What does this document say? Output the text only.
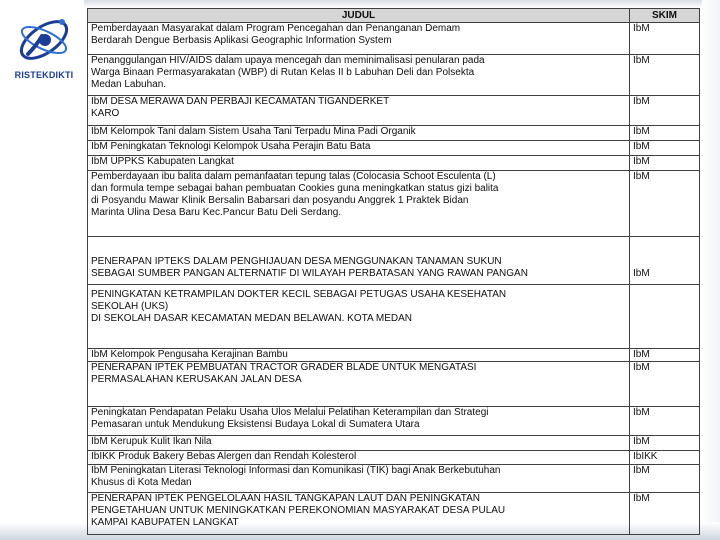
RISTEKDIKTI
JUDUL	SKIM
Pemberdayaan Masyarakat dalam Program Pencegahan dan Penanganan Demam
Berdarah Dengue Berbasis Aplikasi Geographic Information System	IbM
Penanggulangan HIV/AIDS dalam upaya mencegah dan meminimalisasi penularan pada
Warga Binaan Permasyarakatan (WBP) di Rutan Kelas II b Labuhan Deli dan Polsekta
Medan Labuhan.	IbM
IbM DESA MERAWA DAN PERBAJI KECAMATAN TIGANDERKET
KARO	IbM
IbM Kelompok Tani dalam Sistem Usaha Tani Terpadu Mina Padi Organik	IbM
IbM Peningkatan Teknologi Kelompok Usaha Perajin Batu Bata	IbM
IbM UPPKS Kabupaten Langkat	IbM
Pemberdayaan ibu balita dalam pemanfaatan tepung talas (Colocasia Schoot Esculenta (L)
dan formula tempe sebagai bahan pembuatan Cookies guna meningkatkan status gizi balita
di Posyandu Mawar Klinik Bersalin Babarsari dan posyandu Anggrek 1 Praktek Bidan
Marinta Ulina Desa Baru Kec.Pancur Batu Deli Serdang.	IbM
PENERAPAN IPTEKS DALAM PENGHIJAUAN DESA MENGGUNAKAN TANAMAN SUKUN
SEBAGAI SUMBER PANGAN ALTERNATIF DI WILAYAH PERBATASAN YANG RAWAN PANGAN	IbM
PENINGKATAN KETRAMPILAN DOKTER KECIL SEBAGAI PETUGAS USAHA KESEHATAN
SEKOLAH (UKS)
DI SEKOLAH DASAR KECAMATAN MEDAN BELAWAN. KOTA MEDAN	
IbM Kelompok Pengusaha Kerajinan Bambu	IbM
PENERAPAN IPTEK PEMBUATAN TRACTOR GRADER BLADE UNTUK MENGATASI
PERMASALAHAN KERUSAKAN JALAN DESA	IbM
Peningkatan Pendapatan Pelaku Usaha Ulos Melalui Pelatihan Keterampilan dan Strategi
Pemasaran untuk Mendukung Eksistensi Budaya Lokal di Sumatera Utara	IbM
IbM Kerupuk Kulit Ikan Nila	IbM
IbIKK Produk Bakery Bebas Alergen dan Rendah Kolesterol	IbIKK
IbM Peningkatan Literasi Teknologi Informasi dan Komunikasi (TIK) bagi Anak Berkebutuhan
Khusus di Kota Medan	IbM
PENERAPAN IPTEK PENGELOLAAN HASIL TANGKAPAN LAUT DAN PENINGKATAN
PENGETAHUAN UNTUK MENINGKATKAN PEREKONOMIAN MASYARAKAT DESA PULAU
KAMPAI KABUPATEN LANGKAT	IbM
